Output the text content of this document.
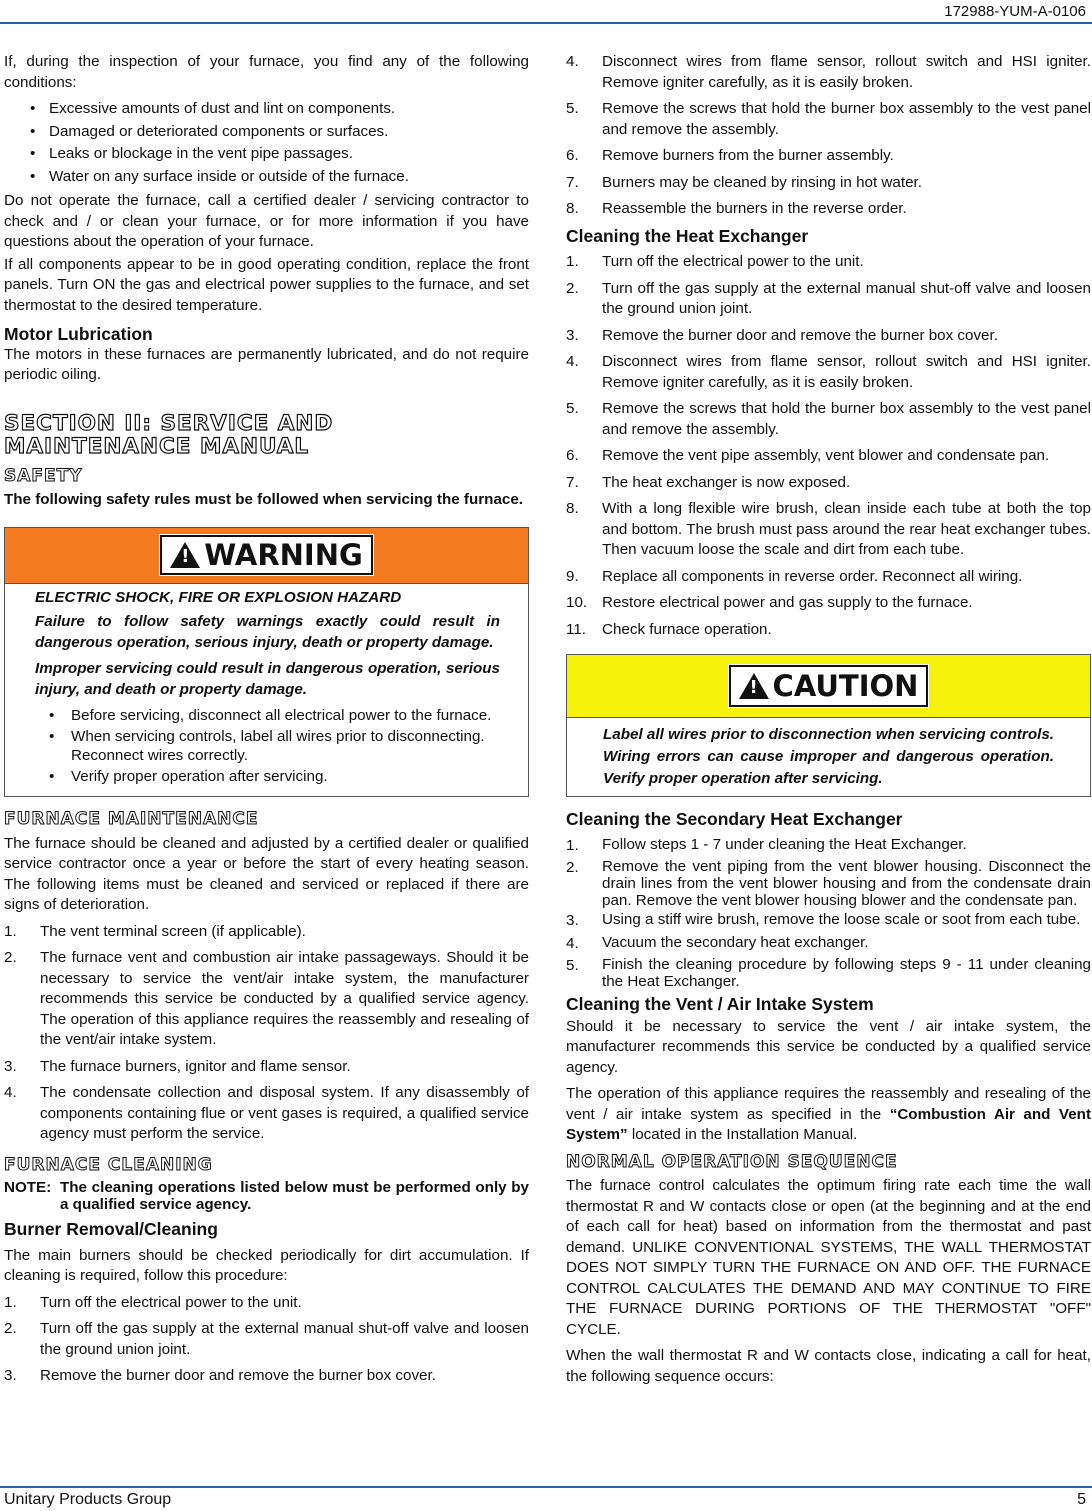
172988-YUM-A-0106

If, during the inspection of your furnace, you find any of the following conditions:

• Excessive amounts of dust and lint on components.
• Damaged or deteriorated components or surfaces.
• Leaks or blockage in the vent pipe passages.
• Water on any surface inside or outside of the furnace.

Do not operate the furnace, call a certified dealer / servicing contractor to check and / or clean your furnace, or for more information if you have questions about the operation of your furnace.

If all components appear to be in good operating condition, replace the front panels. Turn ON the gas and electrical power supplies to the furnace, and set thermostat to the desired temperature.

Motor Lubrication

The motors in these furnaces are permanently lubricated, and do not require periodic oiling.

SECTION II: SERVICE AND MAINTENANCE MANUAL
SAFETY

The following safety rules must be followed when servicing the furnace.

!
WARNING

ELECTRIC SHOCK, FIRE OR EXPLOSION HAZARD

Failure to follow safety warnings exactly could result in dangerous operation, serious injury, death or property damage.

Improper servicing could result in dangerous operation, serious injury, and death or property damage.

• Before servicing, disconnect all electrical power to the furnace.
• When servicing controls, label all wires prior to disconnecting. Reconnect wires correctly.
• Verify proper operation after servicing.
FURNACE MAINTENANCE

The furnace should be cleaned and adjusted by a certified dealer or qualified service contractor once a year or before the start of every heating season. The following items must be cleaned and serviced or replaced if there are signs of deterioration.

1.	The vent terminal screen (if applicable).
2.	The furnace vent and combustion air intake passageways. Should it be necessary to service the vent/air intake system, the manufacturer recommends this service be conducted by a qualified service agency. The operation of this appliance requires the reassembly and resealing of the vent/air intake system.
3.	The furnace burners, ignitor and flame sensor.
4.	The condensate collection and disposal system. If any disassembly of components containing flue or vent gases is required, a qualified service agency must perform the service.
FURNACE CLEANING
NOTE: The cleaning operations listed below must be performed only by a qualified service agency.
Burner Removal/Cleaning

The main burners should be checked periodically for dirt accumulation. If cleaning is required, follow this procedure:

1.	Turn off the electrical power to the unit.
2.	Turn off the gas supply at the external manual shut-off valve and loosen the ground union joint.
3.	Remove the burner door and remove the burner box cover.
4.	Disconnect wires from flame sensor, rollout switch and HSI igniter. Remove igniter carefully, as it is easily broken.
5.	Remove the screws that hold the burner box assembly to the vest panel and remove the assembly.
6.	Remove burners from the burner assembly.
7.	Burners may be cleaned by rinsing in hot water.
8.	Reassemble the burners in the reverse order.
Cleaning the Heat Exchanger
1.	Turn off the electrical power to the unit.
2.	Turn off the gas supply at the external manual shut-off valve and loosen the ground union joint.
3.	Remove the burner door and remove the burner box cover.
4.	Disconnect wires from flame sensor, rollout switch and HSI igniter. Remove igniter carefully, as it is easily broken.
5.	Remove the screws that hold the burner box assembly to the vest panel and remove the assembly.
6.	Remove the vent pipe assembly, vent blower and condensate pan.
7.	The heat exchanger is now exposed.
8.	With a long flexible wire brush, clean inside each tube at both the top and bottom. The brush must pass around the rear heat exchanger tubes. Then vacuum loose the scale and dirt from each tube.
9.	Replace all components in reverse order. Reconnect all wiring.
10. Restore electrical power and gas supply to the furnace.
11.	Check furnace operation.
!
CAUTION

Label all wires prior to disconnection when servicing controls. Wiring errors can cause improper and dangerous operation. Verify proper operation after servicing.

Cleaning the Secondary Heat Exchanger
1.	Follow steps 1 - 7 under cleaning the Heat Exchanger.
2.	Remove the vent piping from the vent blower housing. Disconnect the drain lines from the vent blower housing and from the condensate drain pan. Remove the vent blower housing blower and the condensate pan.
3.	Using a stiff wire brush, remove the loose scale or soot from each tube.
4.	Vacuum the secondary heat exchanger.
5.	Finish the cleaning procedure by following steps 9 - 11 under cleaning the Heat Exchanger.
Cleaning the Vent / Air Intake System

Should it be necessary to service the vent / air intake system, the manufacturer recommends this service be conducted by a qualified service agency.

The operation of this appliance requires the reassembly and resealing of the vent / air intake system as specified in the “Combustion Air and Vent System” located in the Installation Manual.

NORMAL OPERATION SEQUENCE

The furnace control calculates the optimum firing rate each time the wall thermostat R and W contacts close or open (at the beginning and at the end of each call for heat) based on information from the thermostat and past demand. UNLIKE CONVENTIONAL SYSTEMS, THE WALL THERMOSTAT DOES NOT SIMPLY TURN THE FURNACE ON AND OFF. THE FURNACE CONTROL CALCULATES THE DEMAND AND MAY CONTINUE TO FIRE THE FURNACE DURING PORTIONS OF THE THERMOSTAT "OFF" CYCLE.

When the wall thermostat R and W contacts close, indicating a call for heat, the following sequence occurs:

Unitary Products Group	5
